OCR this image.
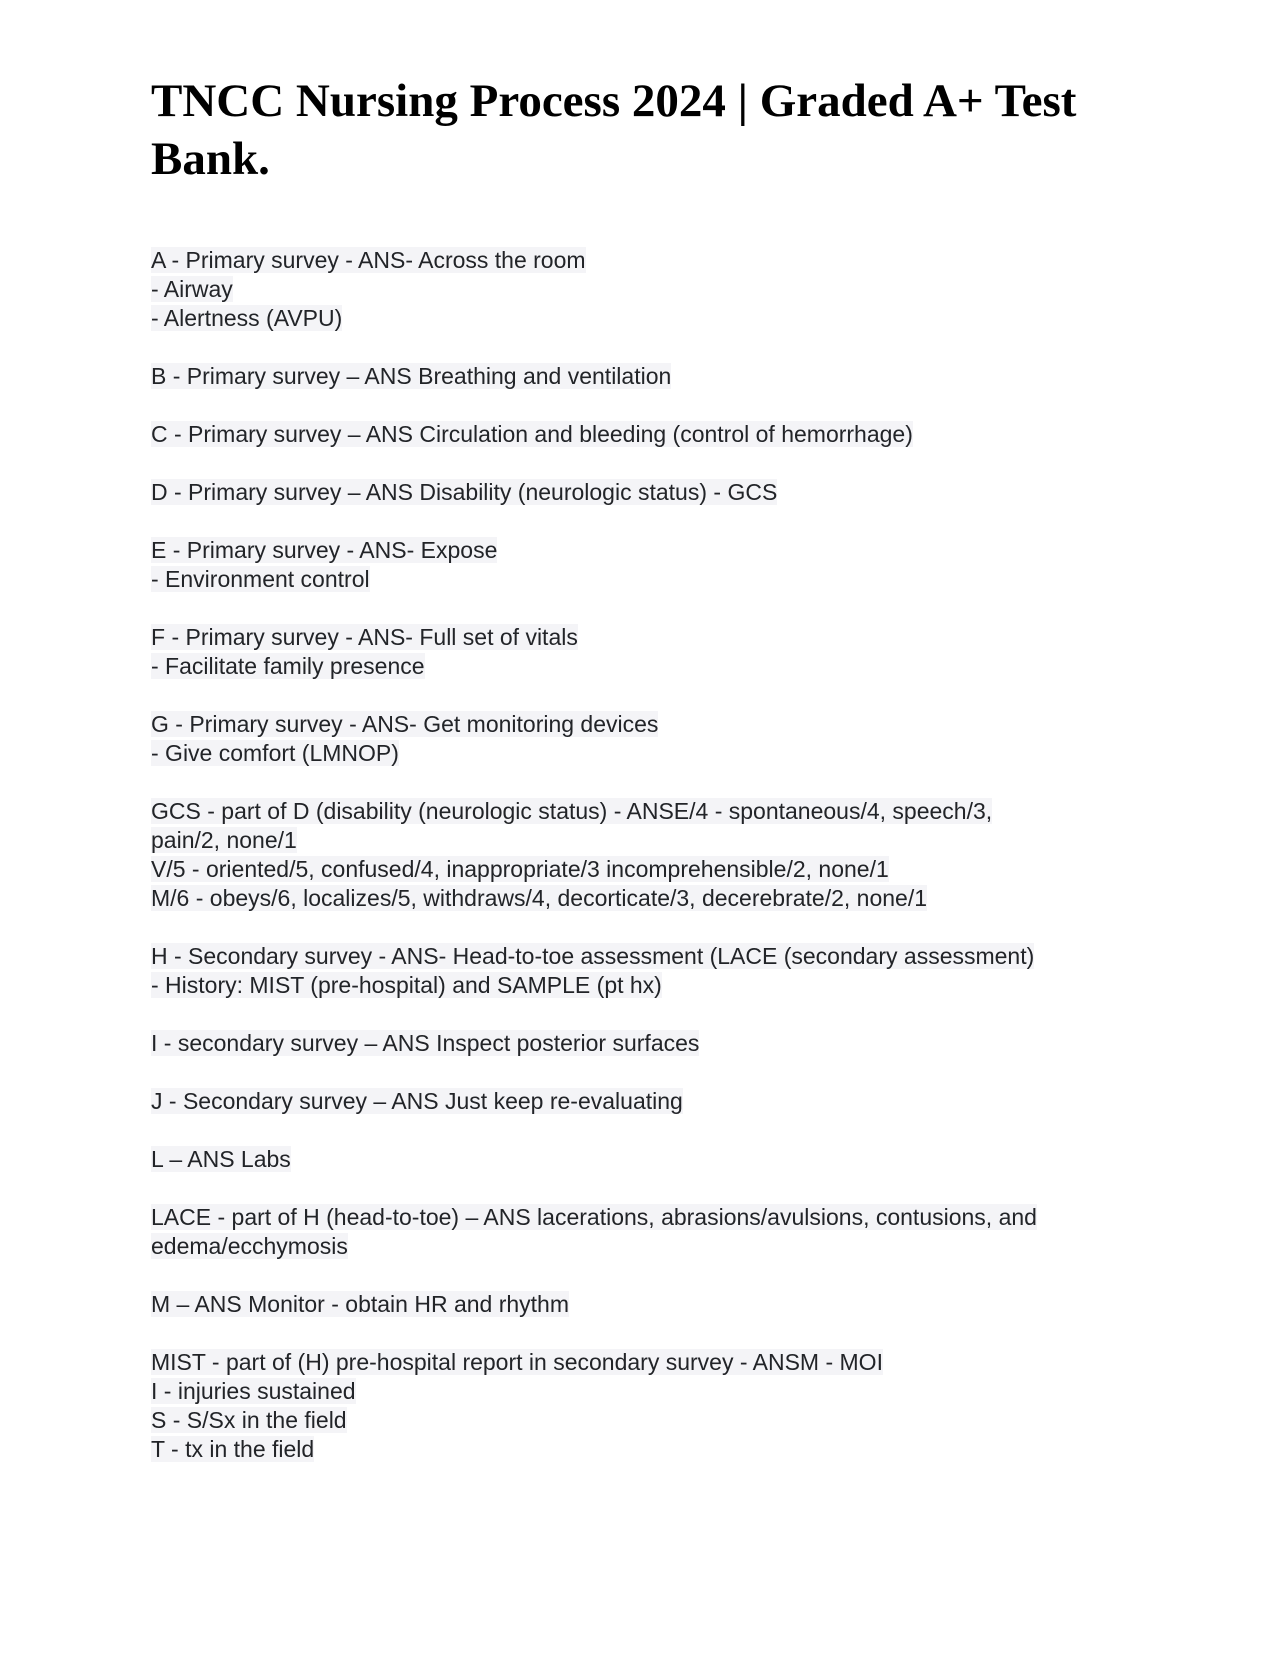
TNCC Nursing Process 2024 | Graded A+ Test Bank.
A - Primary survey - ANS- Across the room
- Airway
- Alertness (AVPU)
B - Primary survey – ANS Breathing and ventilation
C - Primary survey – ANS Circulation and bleeding (control of hemorrhage)
D - Primary survey – ANS Disability (neurologic status) - GCS
E - Primary survey - ANS- Expose
- Environment control
F - Primary survey - ANS- Full set of vitals
- Facilitate family presence
G - Primary survey - ANS- Get monitoring devices
- Give comfort (LMNOP)
GCS - part of D (disability (neurologic status) - ANSE/4 - spontaneous/4, speech/3,
pain/2, none/1
V/5 - oriented/5, confused/4, inappropriate/3 incomprehensible/2, none/1
M/6 - obeys/6, localizes/5, withdraws/4, decorticate/3, decerebrate/2, none/1
H - Secondary survey - ANS- Head-to-toe assessment (LACE (secondary assessment)
- History: MIST (pre-hospital) and SAMPLE (pt hx)
I - secondary survey – ANS Inspect posterior surfaces
J - Secondary survey – ANS Just keep re-evaluating
L – ANS Labs
LACE - part of H (head-to-toe) – ANS lacerations, abrasions/avulsions, contusions, and
edema/ecchymosis
M – ANS Monitor - obtain HR and rhythm
MIST - part of (H) pre-hospital report in secondary survey - ANSM - MOI
I - injuries sustained
S - S/Sx in the field
T - tx in the field
